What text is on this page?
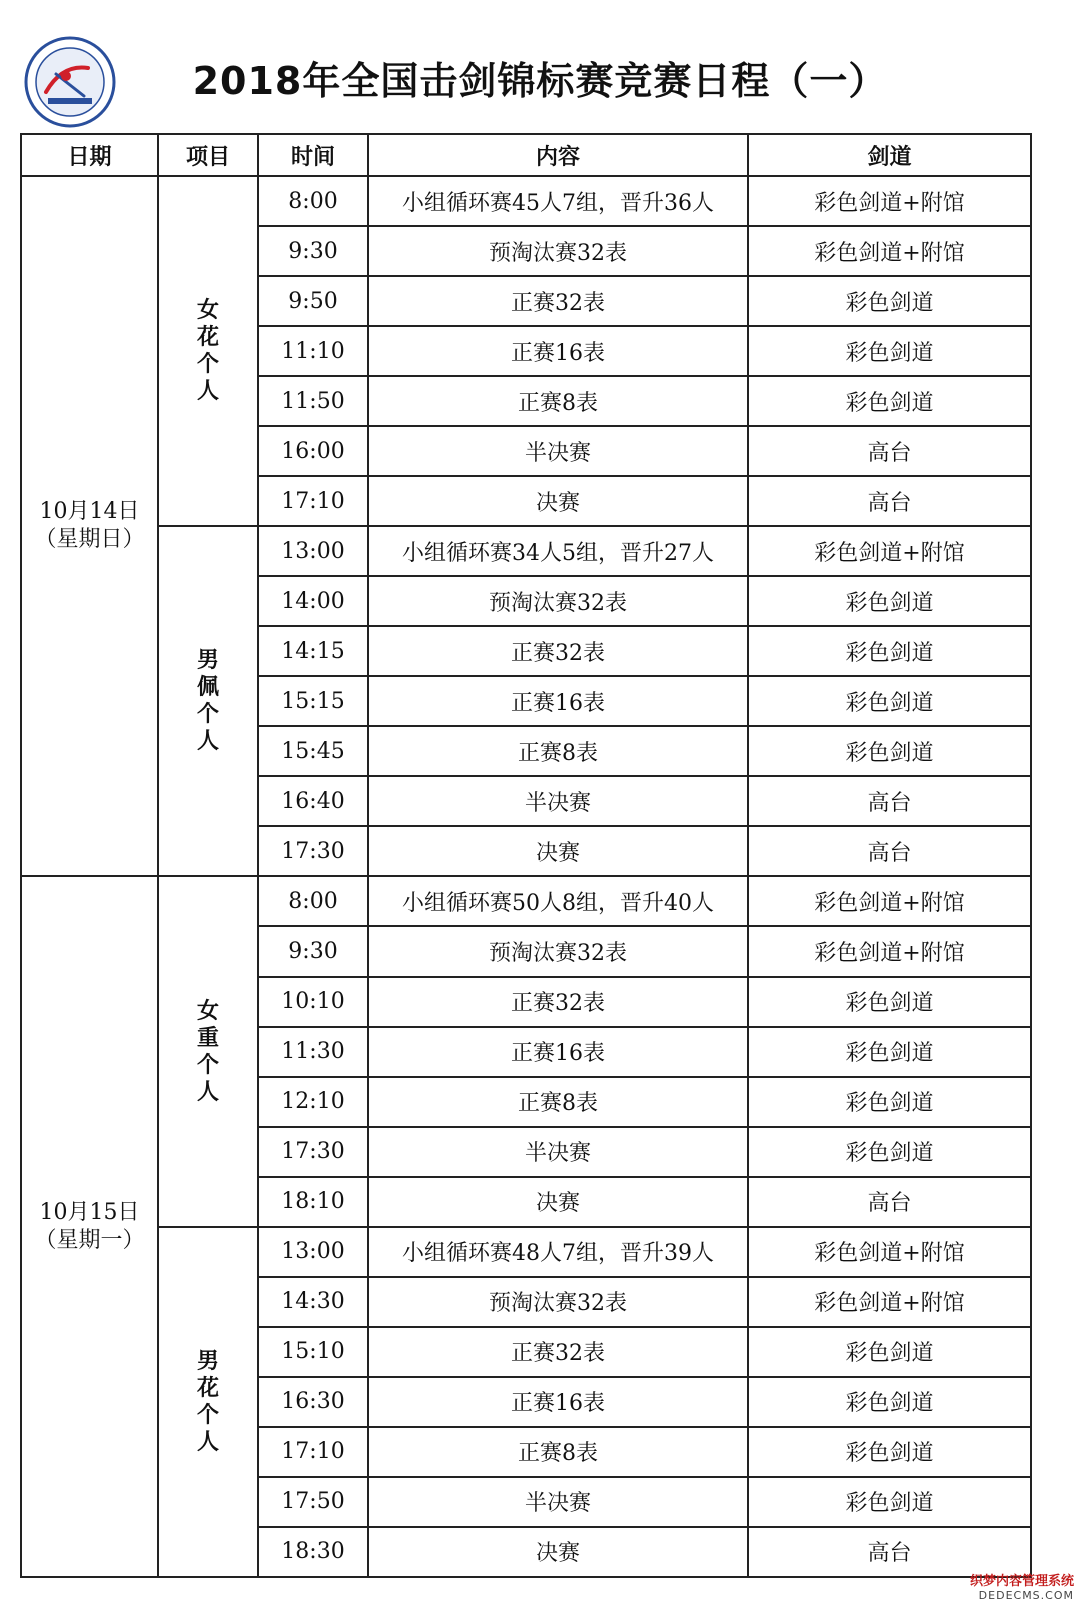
2018年全国击剑锦标赛竞赛日程（一）
日期	项目	时间	内容	剑道

10月14日
（星期日）	女花个人	8:00	小组循环赛45人7组，晋升36人	彩色剑道+附馆
		9:30	预淘汰赛32表	彩色剑道+附馆
		9:50	正赛32表	彩色剑道
		11:10	正赛16表	彩色剑道
		11:50	正赛8表	彩色剑道
		16:00	半决赛	高台
		17:10	决赛	高台
	男佩个人	13:00	小组循环赛34人5组，晋升27人	彩色剑道+附馆
		14:00	预淘汰赛32表	彩色剑道
		14:15	正赛32表	彩色剑道
		15:15	正赛16表	彩色剑道
		15:45	正赛8表	彩色剑道
		16:40	半决赛	高台
		17:30	决赛	高台

10月15日
（星期一）	女重个人	8:00	小组循环赛50人8组，晋升40人	彩色剑道+附馆
		9:30	预淘汰赛32表	彩色剑道+附馆
		10:10	正赛32表	彩色剑道
		11:30	正赛16表	彩色剑道
		12:10	正赛8表	彩色剑道
		17:30	半决赛	彩色剑道
		18:10	决赛	高台
	男花个人	13:00	小组循环赛48人7组，晋升39人	彩色剑道+附馆
		14:30	预淘汰赛32表	彩色剑道+附馆
		15:10	正赛32表	彩色剑道
		16:30	正赛16表	彩色剑道
		17:10	正赛8表	彩色剑道
		17:50	半决赛	彩色剑道
		18:30	决赛	高台
织梦内容管理系统
DEDECMS.COM
